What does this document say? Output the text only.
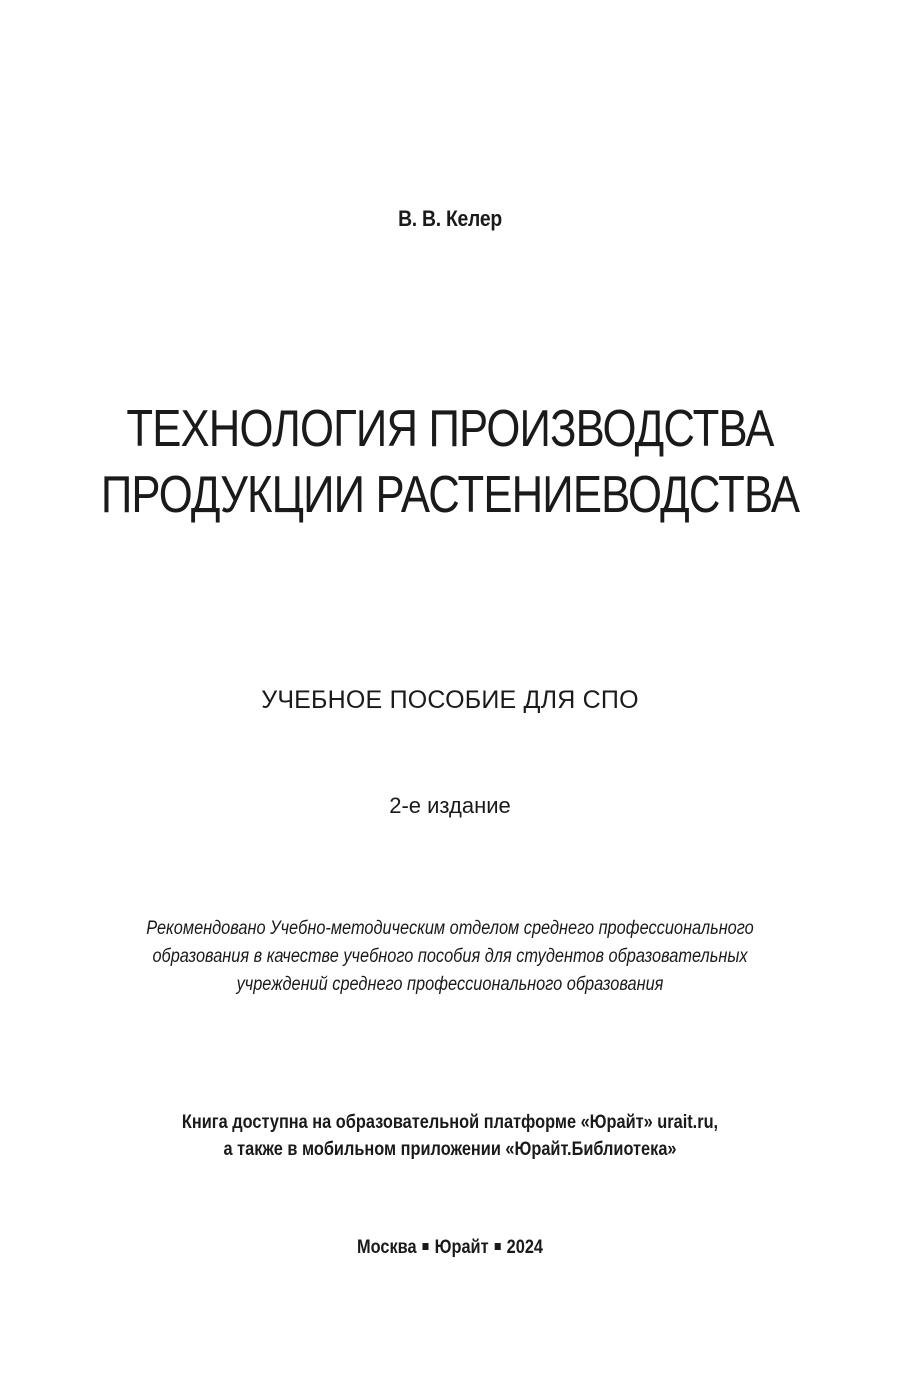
В. В. Келер
ТЕХНОЛОГИЯ ПРОИЗВОДСТВА
ПРОДУКЦИИ РАСТЕНИЕВОДСТВА
УЧЕБНОЕ ПОСОБИЕ ДЛЯ СПО
2-е издание
Рекомендовано Учебно-методическим отделом среднего профессионального
образования в качестве учебного пособия для студентов образовательных
учреждений среднего профессионального образования
Книга доступна на образовательной платформе «Юрайт» urait.ru,
а также в мобильном приложении «Юрайт.Библиотека»
Москва Юрайт 2024
